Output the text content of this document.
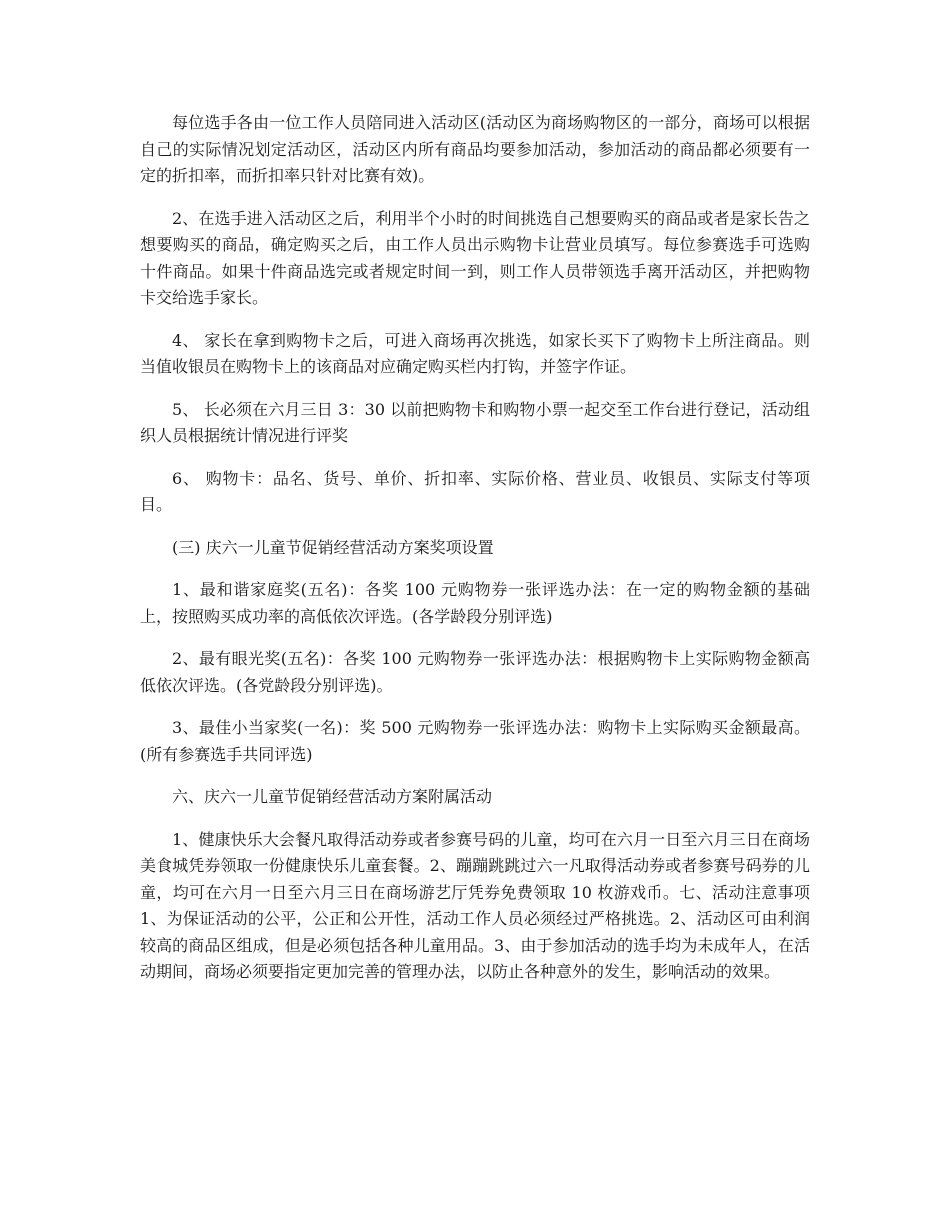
每位选手各由一位工作人员陪同进入活动区(活动区为商场购物区的一部分，商场可以根据自己的实际情况划定活动区，活动区内所有商品均要参加活动，参加活动的商品都必须要有一定的折扣率，而折扣率只针对比赛有效)。

2、在选手进入活动区之后，利用半个小时的时间挑选自己想要购买的商品或者是家长告之想要购买的商品，确定购买之后，由工作人员出示购物卡让营业员填写。每位参赛选手可选购十件商品。如果十件商品选完或者规定时间一到，则工作人员带领选手离开活动区，并把购物卡交给选手家长。

4、 家长在拿到购物卡之后，可进入商场再次挑选，如家长买下了购物卡上所注商品。则当值收银员在购物卡上的该商品对应确定购买栏内打钩，并签字作证。

5、 长必须在六月三日 3：30 以前把购物卡和购物小票一起交至工作台进行登记，活动组织人员根据统计情况进行评奖

6、 购物卡：品名、货号、单价、折扣率、实际价格、营业员、收银员、实际支付等项目。

(三) 庆六一儿童节促销经营活动方案奖项设置

1、最和谐家庭奖(五名)：各奖 100 元购物券一张评选办法：在一定的购物金额的基础上，按照购买成功率的高低依次评选。(各学龄段分别评选)

2、最有眼光奖(五名)：各奖 100 元购物券一张评选办法：根据购物卡上实际购物金额高低依次评选。(各党龄段分别评选)。

3、最佳小当家奖(一名)：奖 500 元购物券一张评选办法：购物卡上实际购买金额最高。(所有参赛选手共同评选)

六、庆六一儿童节促销经营活动方案附属活动

1、健康快乐大会餐凡取得活动券或者参赛号码的儿童，均可在六月一日至六月三日在商场美食城凭券领取一份健康快乐儿童套餐。2、蹦蹦跳跳过六一凡取得活动券或者参赛号码券的儿童，均可在六月一日至六月三日在商场游艺厅凭券免费领取 10 枚游戏币。七、活动注意事项 1、为保证活动的公平，公正和公开性，活动工作人员必须经过严格挑选。2、活动区可由利润较高的商品区组成，但是必须包括各种儿童用品。3、由于参加活动的选手均为未成年人，在活动期间，商场必须要指定更加完善的管理办法，以防止各种意外的发生，影响活动的效果。
